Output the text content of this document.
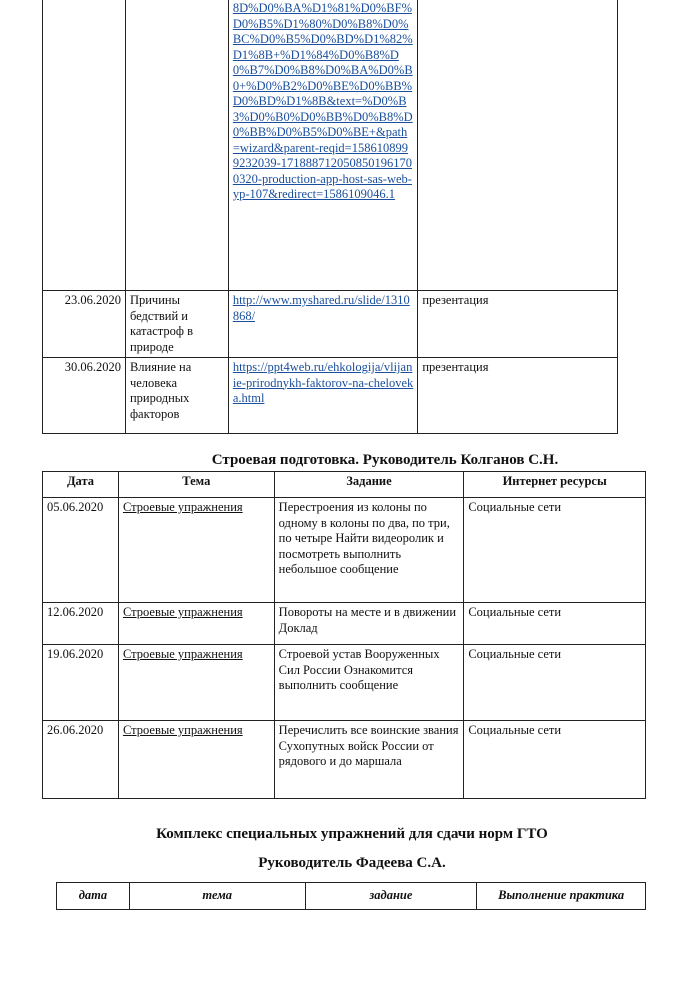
		8D%D0%BA%D1%81%D0%BF%D0%B5%D1%80%D0%B8%D0%BC%D0%B5%D0%BD%D1%82%D1%8B+%D1%84%D0%B8%D0%B7%D0%B8%D0%BA%D0%B0+%D0%B2%D0%BE%D0%BB%D0%BD%D1%8B&text=%D0%B3%D0%B0%D0%BB%D0%B8%D0%BB%D0%B5%D0%BE+&path=wizard&parent-reqid=1586108999232039-1718887120508501961700320-production-app-host-sas-web-yp-107&redirect=1586109046.1	

23.06.2020	Причины бедствий и катастроф в природе	http://www.myshared.ru/slide/1310868/	презентация
30.06.2020	Влияние на человека природных факторов	https://ppt4web.ru/ehkologija/vlijanie-prirodnykh-faktorov-na-cheloveka.html	презентация
Строевая подготовка. Руководитель Колганов С.Н.
Дата	Тема	Задание	Интернет ресурсы
05.06.2020	Строевые упражнения	Перестроения из колоны по одному в колоны по два, по три, по четыре Найти видеоролик и посмотреть выполнить небольшое сообщение	Социальные сети
12.06.2020	Строевые упражнения	Повороты на месте и в движении Доклад	Социальные сети
19.06.2020	Строевые упражнения	Строевой устав Вооруженных Сил России Ознакомится выполнить сообщение	Социальные сети
26.06.2020	Строевые упражнения	Перечислить все воинские звания Сухопутных войск России от рядового и до маршала	Социальные сети
Комплекс специальных упражнений для сдачи норм ГТО
Руководитель Фадеева С.А.
дата	тема	задание	Выполнение практика
